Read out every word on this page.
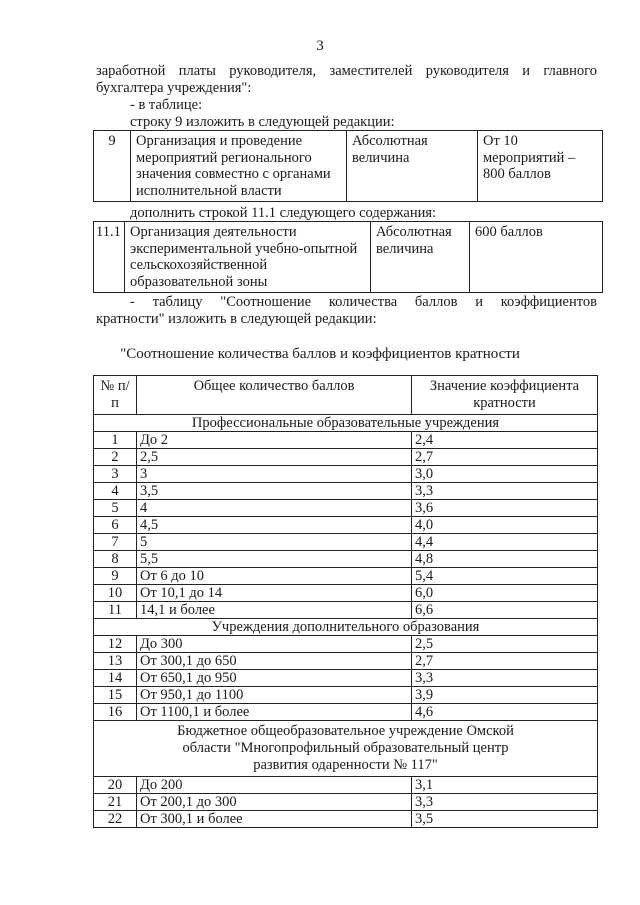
3
заработной платы руководителя, заместителей руководителя и главного
бухгалтера учреждения":
- в таблице:
строку 9 изложить в следующей редакции:
9	Организация и проведение мероприятий регионального значения совместно с органами исполнительной власти	Абсолютная величина	От 10 мероприятий – 800 баллов
дополнить строкой 11.1 следующего содержания:
11.1	Организация деятельности экспериментальной учебно-опытной сельскохозяйственной образовательной зоны	Абсолютная величина	600 баллов
- таблицу "Соотношение количества баллов и коэффициентов
кратности" изложить в следующей редакции:
"Соотношение количества баллов и коэффициентов кратности
№ п/п	Общее количество баллов	Значение коэффициента кратности
Профессиональные образовательные учреждения		
1	До 2	2,4
2	2,5	2,7
3	3	3,0
4	3,5	3,3
5	4	3,6
6	4,5	4,0
7	5	4,4
8	5,5	4,8
9	От 6 до 10	5,4
10	От 10,1 до 14	6,0
11	14,1 и более	6,6
Учреждения дополнительного образования		
12	До 300	2,5
13	От 300,1 до 650	2,7
14	От 650,1 до 950	3,3
15	От 950,1 до 1100	3,9
16	От 1100,1 и более	4,6
Бюджетное общеобразовательное учреждение Омской области "Многопрофильный образовательный центр развития одаренности № 117"		
20	До 200	3,1
21	От 200,1 до 300	3,3
22	От 300,1 и более	3,5
